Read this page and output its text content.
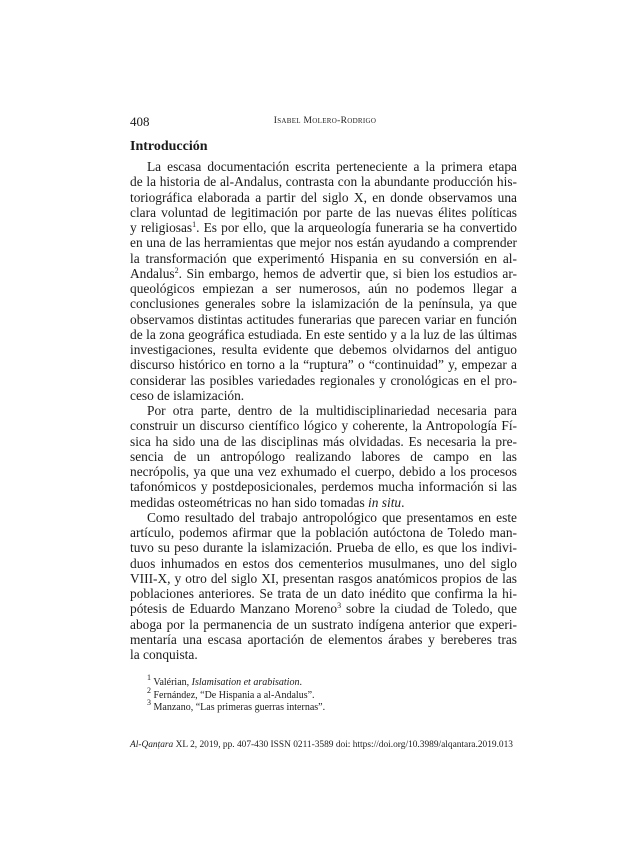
408	Isabel Molero-Rodrigo
Introducción
La escasa documentación escrita perteneciente a la primera etapa
de la historia de al-Andalus, contrasta con la abundante producción his-
toriográfica elaborada a partir del siglo X, en donde observamos una
clara voluntad de legitimación por parte de las nuevas élites políticas
y religiosas$^1$. Es por ello, que la arqueología funeraria se ha convertido
en una de las herramientas que mejor nos están ayudando a comprender
la transformación que experimentó Hispania en su conversión en al-
Andalus$^2$. Sin embargo, hemos de advertir que, si bien los estudios ar-
queológicos empiezan a ser numerosos, aún no podemos llegar a
conclusiones generales sobre la islamización de la península, ya que
observamos distintas actitudes funerarias que parecen variar en función
de la zona geográfica estudiada. En este sentido y a la luz de las últimas
investigaciones, resulta evidente que debemos olvidarnos del antiguo
discurso histórico en torno a la “ruptura” o “continuidad” y, empezar a
considerar las posibles variedades regionales y cronológicas en el pro-
ceso de islamización.
Por otra parte, dentro de la multidisciplinariedad necesaria para
construir un discurso científico lógico y coherente, la Antropología Fí-
sica ha sido una de las disciplinas más olvidadas. Es necesaria la pre-
sencia de un antropólogo realizando labores de campo en las
necrópolis, ya que una vez exhumado el cuerpo, debido a los procesos
tafonómicos y postdeposicionales, perdemos mucha información si las
medidas osteométricas no han sido tomadas in situ.
Como resultado del trabajo antropológico que presentamos en este
artículo, podemos afirmar que la población autóctona de Toledo man-
tuvo su peso durante la islamización. Prueba de ello, es que los indivi-
duos inhumados en estos dos cementerios musulmanes, uno del siglo
VIII-X, y otro del siglo XI, presentan rasgos anatómicos propios de las
poblaciones anteriores. Se trata de un dato inédito que confirma la hi-
pótesis de Eduardo Manzano Moreno$^3$ sobre la ciudad de Toledo, que
aboga por la permanencia de un sustrato indígena anterior que experi-
mentaría una escasa aportación de elementos árabes y bereberes tras
la conquista.
$^1$ Valérian, Islamisation et arabisation.
$^2$ Fernández, “De Hispania a al-Andalus”.
$^3$ Manzano, “Las primeras guerras internas”.
Al-Qanṭara XL 2, 2019, pp. 407-430 ISSN 0211-3589 doi: https://doi.org/10.3989/alqantara.2019.013
